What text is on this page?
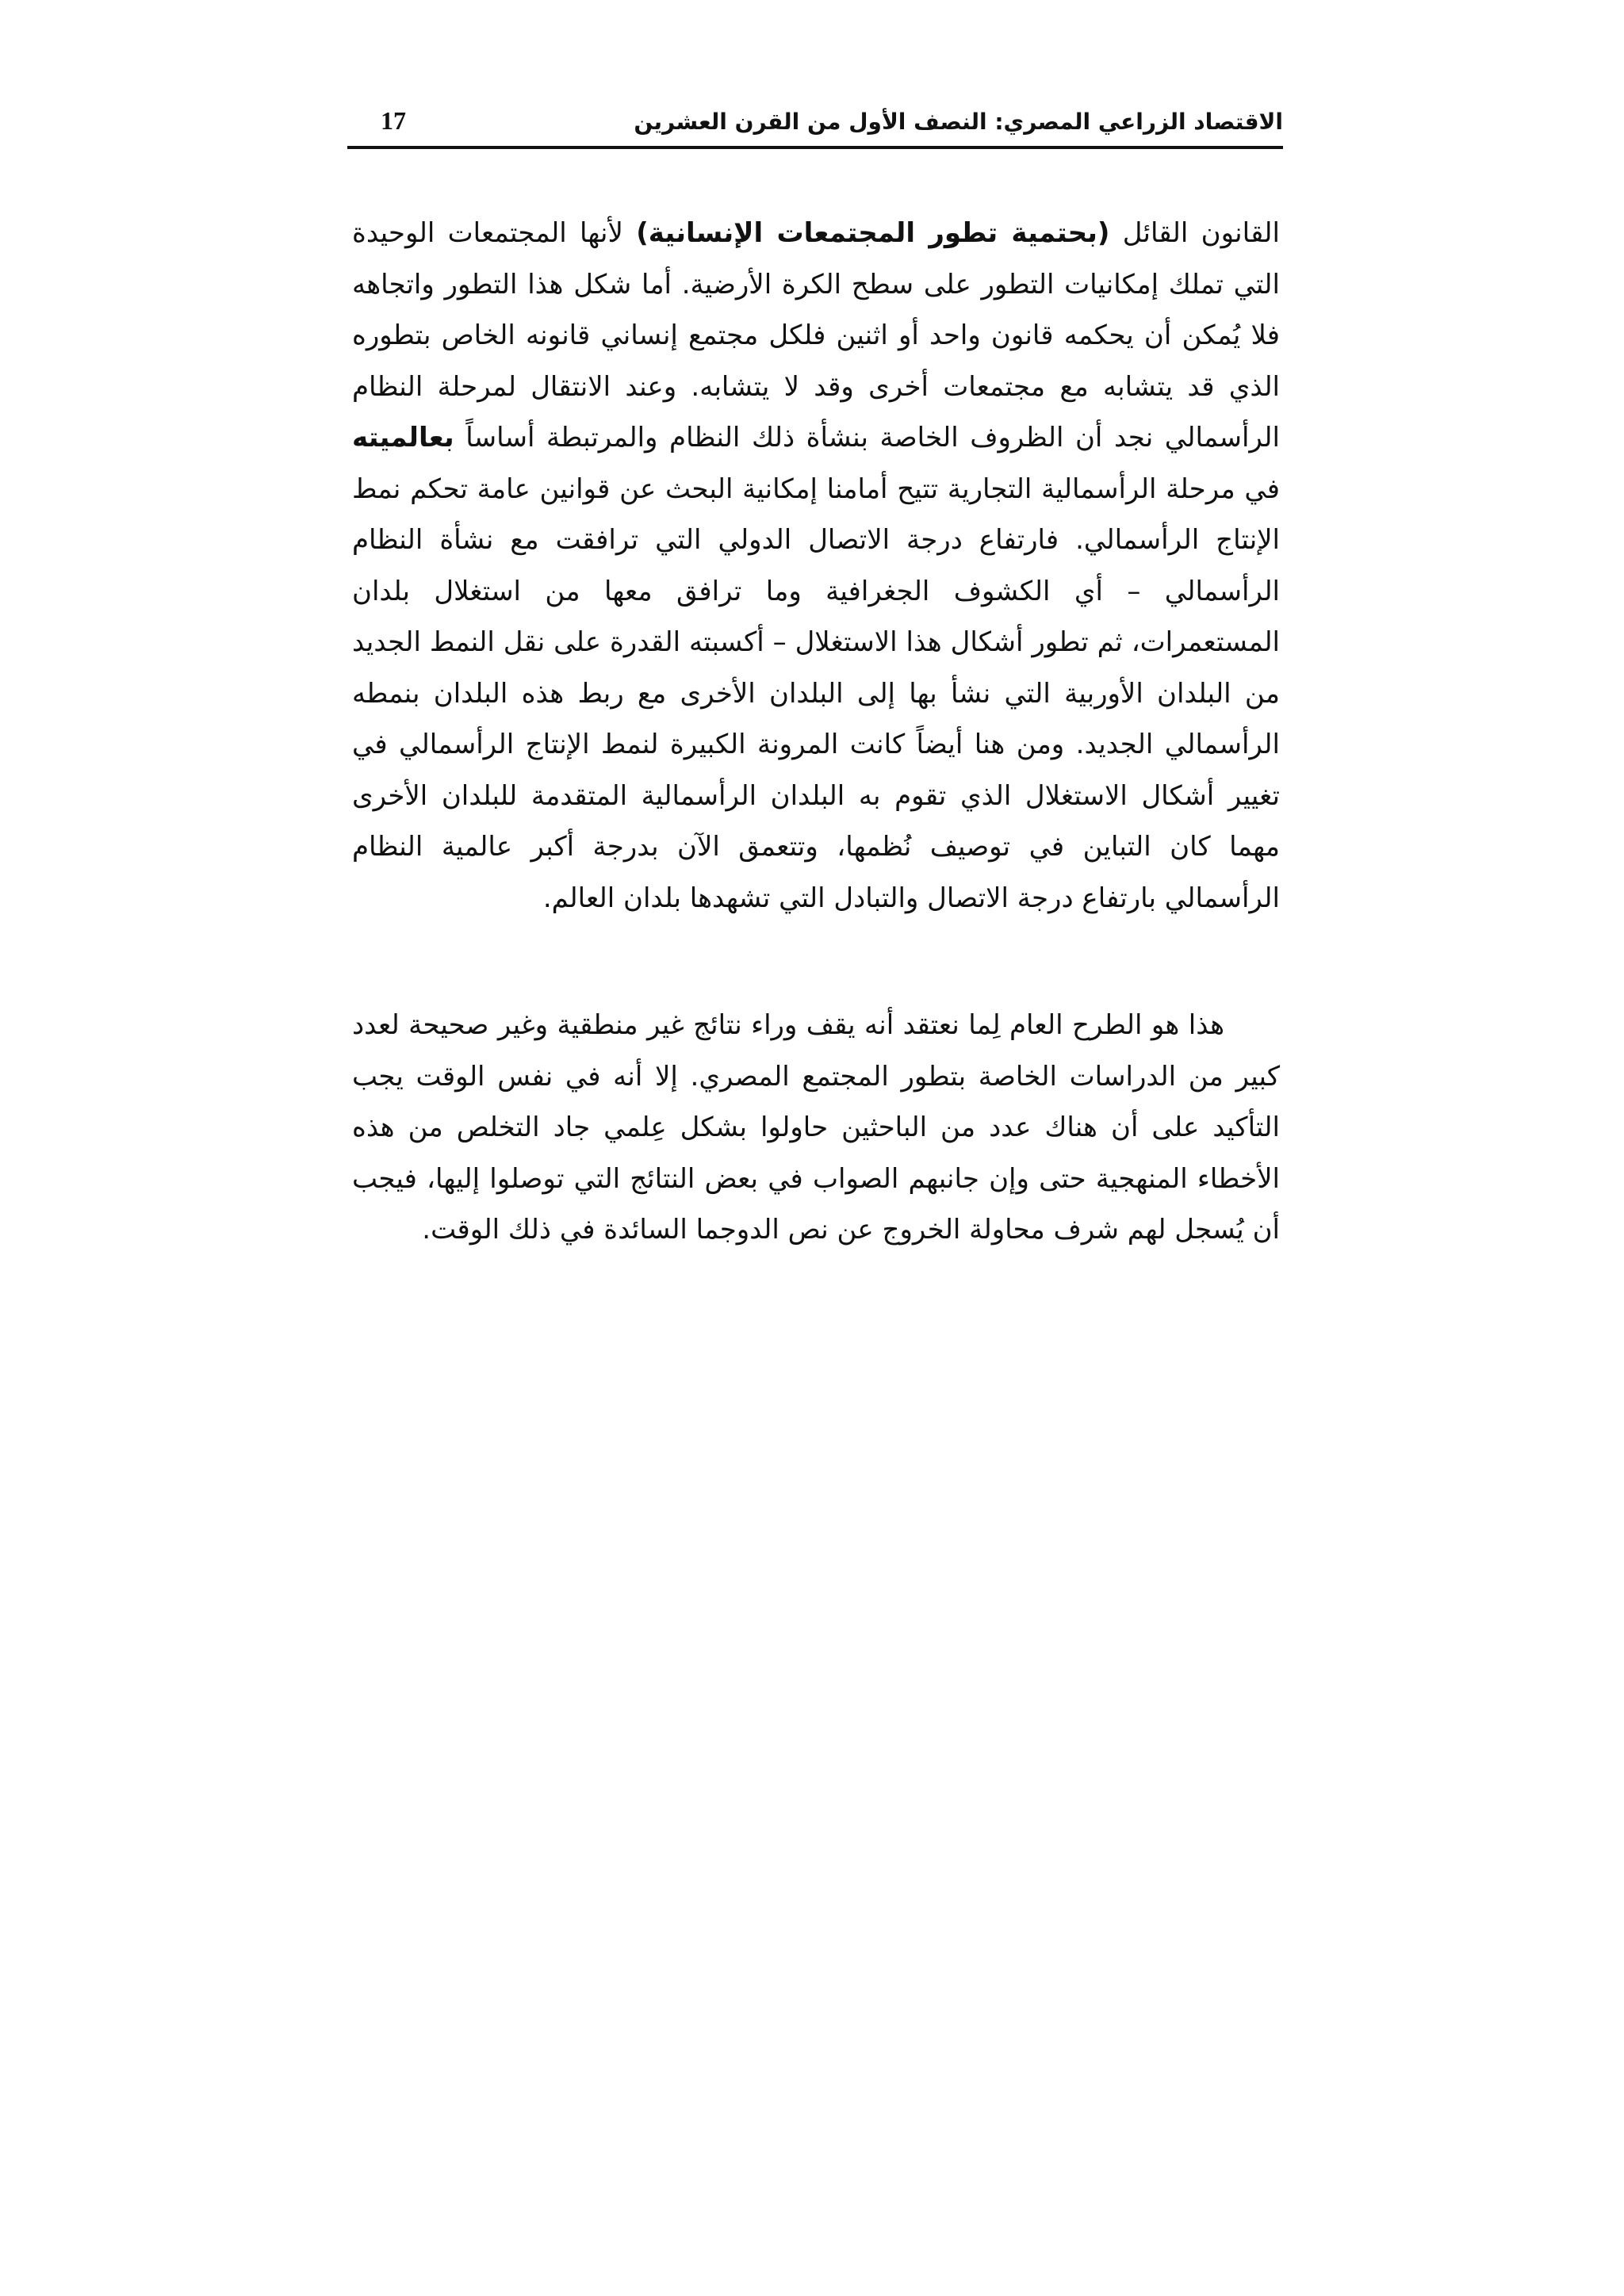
الاقتصاد الزراعي المصري: النصف الأول من القرن العشرين
17

القانون القائل (بحتمية تطور المجتمعات الإنسانية) لأنها المجتمعات الوحيدة التي تملك إمكانيات التطور على سطح الكرة الأرضية. أما شكل هذا التطور واتجاهه فلا يُمكن أن يحكمه قانون واحد أو اثنين فلكل مجتمع إنساني قانونه الخاص بتطوره الذي قد يتشابه مع مجتمعات أخرى وقد لا يتشابه. وعند الانتقال لمرحلة النظام الرأسمالي نجد أن الظروف الخاصة بنشأة ذلك النظام والمرتبطة أساساً بعالميته في مرحلة الرأسمالية التجارية تتيح أمامنا إمكانية البحث عن قوانين عامة تحكم نمط الإنتاج الرأسمالي. فارتفاع درجة الاتصال الدولي التي ترافقت مع نشأة النظام الرأسمالي – أي الكشوف الجغرافية وما ترافق معها من استغلال بلدان المستعمرات، ثم تطور أشكال هذا الاستغلال – أكسبته القدرة على نقل النمط الجديد من البلدان الأوربية التي نشأ بها إلى البلدان الأخرى مع ربط هذه البلدان بنمطه الرأسمالي الجديد. ومن هنا أيضاً كانت المرونة الكبيرة لنمط الإنتاج الرأسمالي في تغيير أشكال الاستغلال الذي تقوم به البلدان الرأسمالية المتقدمة للبلدان الأخرى مهما كان التباين في توصيف نُظمها، وتتعمق الآن بدرجة أكبر عالمية النظام الرأسمالي بارتفاع درجة الاتصال والتبادل التي تشهدها بلدان العالم.

هذا هو الطرح العام لِما نعتقد أنه يقف وراء نتائج غير منطقية وغير صحيحة لعدد كبير من الدراسات الخاصة بتطور المجتمع المصري. إلا أنه في نفس الوقت يجب التأكيد على أن هناك عدد من الباحثين حاولوا بشكل عِلمي جاد التخلص من هذه الأخطاء المنهجية حتى وإن جانبهم الصواب في بعض النتائج التي توصلوا إليها، فيجب أن يُسجل لهم شرف محاولة الخروج عن نص الدوجما السائدة في ذلك الوقت.
